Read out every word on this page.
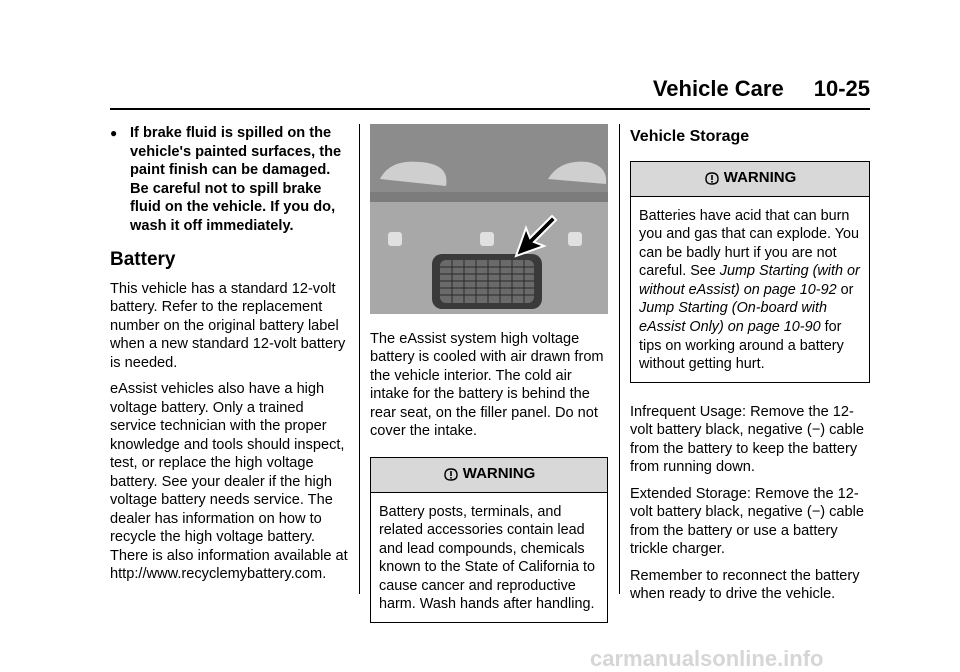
Vehicle Care 10-25
● If brake fluid is spilled on the vehicle's painted surfaces, the paint finish can be damaged. Be careful not to spill brake fluid on the vehicle. If you do, wash it off immediately.
Battery

This vehicle has a standard 12-volt battery. Refer to the replacement number on the original battery label when a new standard 12-volt battery is needed.

eAssist vehicles also have a high voltage battery. Only a trained service technician with the proper knowledge and tools should inspect, test, or replace the high voltage battery. See your dealer if the high voltage battery needs service. The dealer has information on how to recycle the high voltage battery. There is also information available at http://www.recyclemybattery.com.

The eAssist system high voltage battery is cooled with air drawn from the vehicle interior. The cold air intake for the battery is behind the rear seat, on the filler panel. Do not cover the intake.

WARNING
Battery posts, terminals, and related accessories contain lead and lead compounds, chemicals known to the State of California to cause cancer and reproductive harm. Wash hands after handling.
Vehicle Storage
WARNING
Batteries have acid that can burn you and gas that can explode. You can be badly hurt if you are not careful. See Jump Starting (with or without eAssist) on page 10-92 or Jump Starting (On-board with eAssist Only) on page 10-90 for tips on working around a battery without getting hurt.

Infrequent Usage: Remove the 12-volt battery black, negative (−) cable from the battery to keep the battery from running down.

Extended Storage: Remove the 12-volt battery black, negative (−) cable from the battery or use a battery trickle charger.

Remember to reconnect the battery when ready to drive the vehicle.

carmanualsonline.info
